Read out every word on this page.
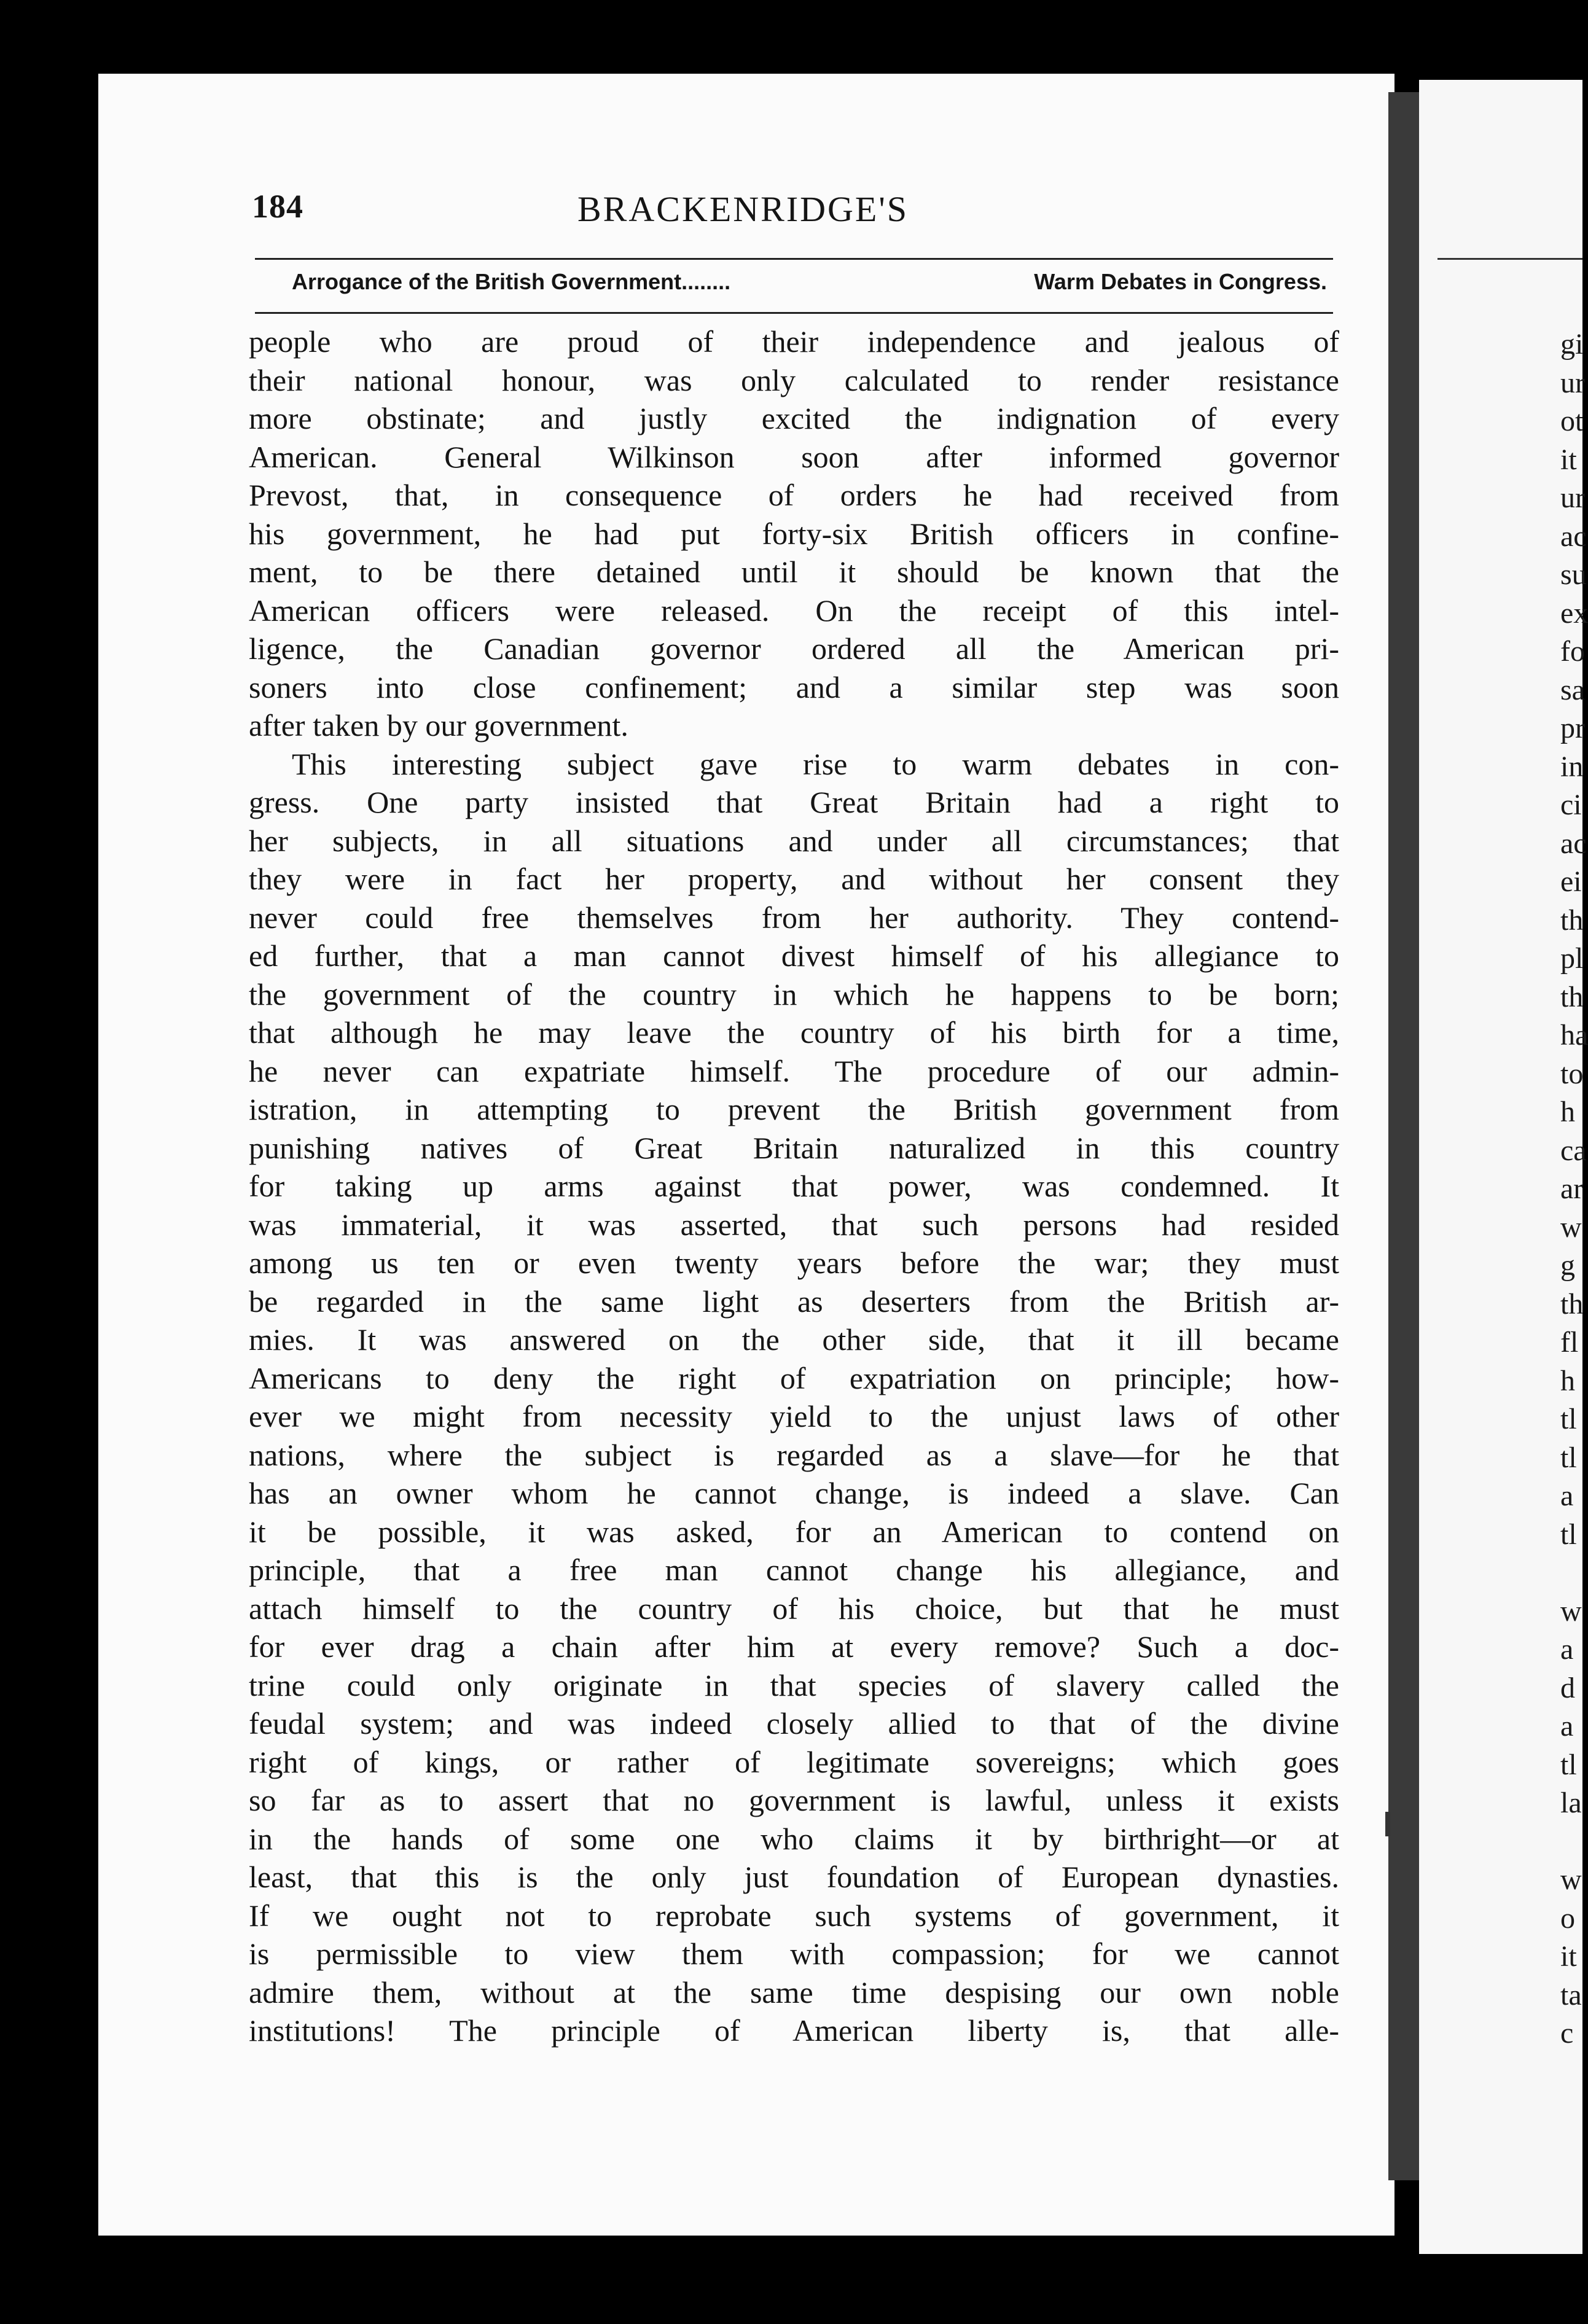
184	BRACKENRIDGE'S
Arrogance of the British Government........	Warm Debates in Congress.
people who are proud of their independence and jealous of
their national honour, was only calculated to render resistance
more obstinate; and justly excited the indignation of every
American. General Wilkinson soon after informed governor
Prevost, that, in consequence of orders he had received from
his government, he had put forty-six British officers in confine-
ment, to be there detained until it should be known that the
American officers were released. On the receipt of this intel-
ligence, the Canadian governor ordered all the American pri-
soners into close confinement; and a similar step was soon
after taken by our government.
This interesting subject gave rise to warm debates in con-
gress. One party insisted that Great Britain had a right to
her subjects, in all situations and under all circumstances; that
they were in fact her property, and without her consent they
never could free themselves from her authority. They contend-
ed further, that a man cannot divest himself of his allegiance to
the government of the country in which he happens to be born;
that although he may leave the country of his birth for a time,
he never can expatriate himself. The procedure of our admin-
istration, in attempting to prevent the British government from
punishing natives of Great Britain naturalized in this country
for taking up arms against that power, was condemned. It
was immaterial, it was asserted, that such persons had resided
among us ten or even twenty years before the war; they must
be regarded in the same light as deserters from the British ar-
mies. It was answered on the other side, that it ill became
Americans to deny the right of expatriation on principle; how-
ever we might from necessity yield to the unjust laws of other
nations, where the subject is regarded as a slave—for he that
has an owner whom he cannot change, is indeed a slave. Can
it be possible, it was asked, for an American to contend on
principle, that a free man cannot change his allegiance, and
attach himself to the country of his choice, but that he must
for ever drag a chain after him at every remove? Such a doc-
trine could only originate in that species of slavery called the
feudal system; and was indeed closely allied to that of the divine
right of kings, or rather of legitimate sovereigns; which goes
so far as to assert that no government is lawful, unless it exists
in the hands of some one who claims it by birthright—or at
least, that this is the only just foundation of European dynasties.
If we ought not to reprobate such systems of government, it
is permissible to view them with compassion; for we cannot
admire them, without at the same time despising our own noble
institutions! The principle of American liberty is, that alle-
gi
ur
ot
it
ur
ac
su
ex
fo
sa
pr
in
ci
ac
ei
th
pl
th
ha
to
h
ca
ar
w
g
th
fl
h
tl
tl
a
tl

w
a
d
a
tl
la

w
o
it
ta
c
